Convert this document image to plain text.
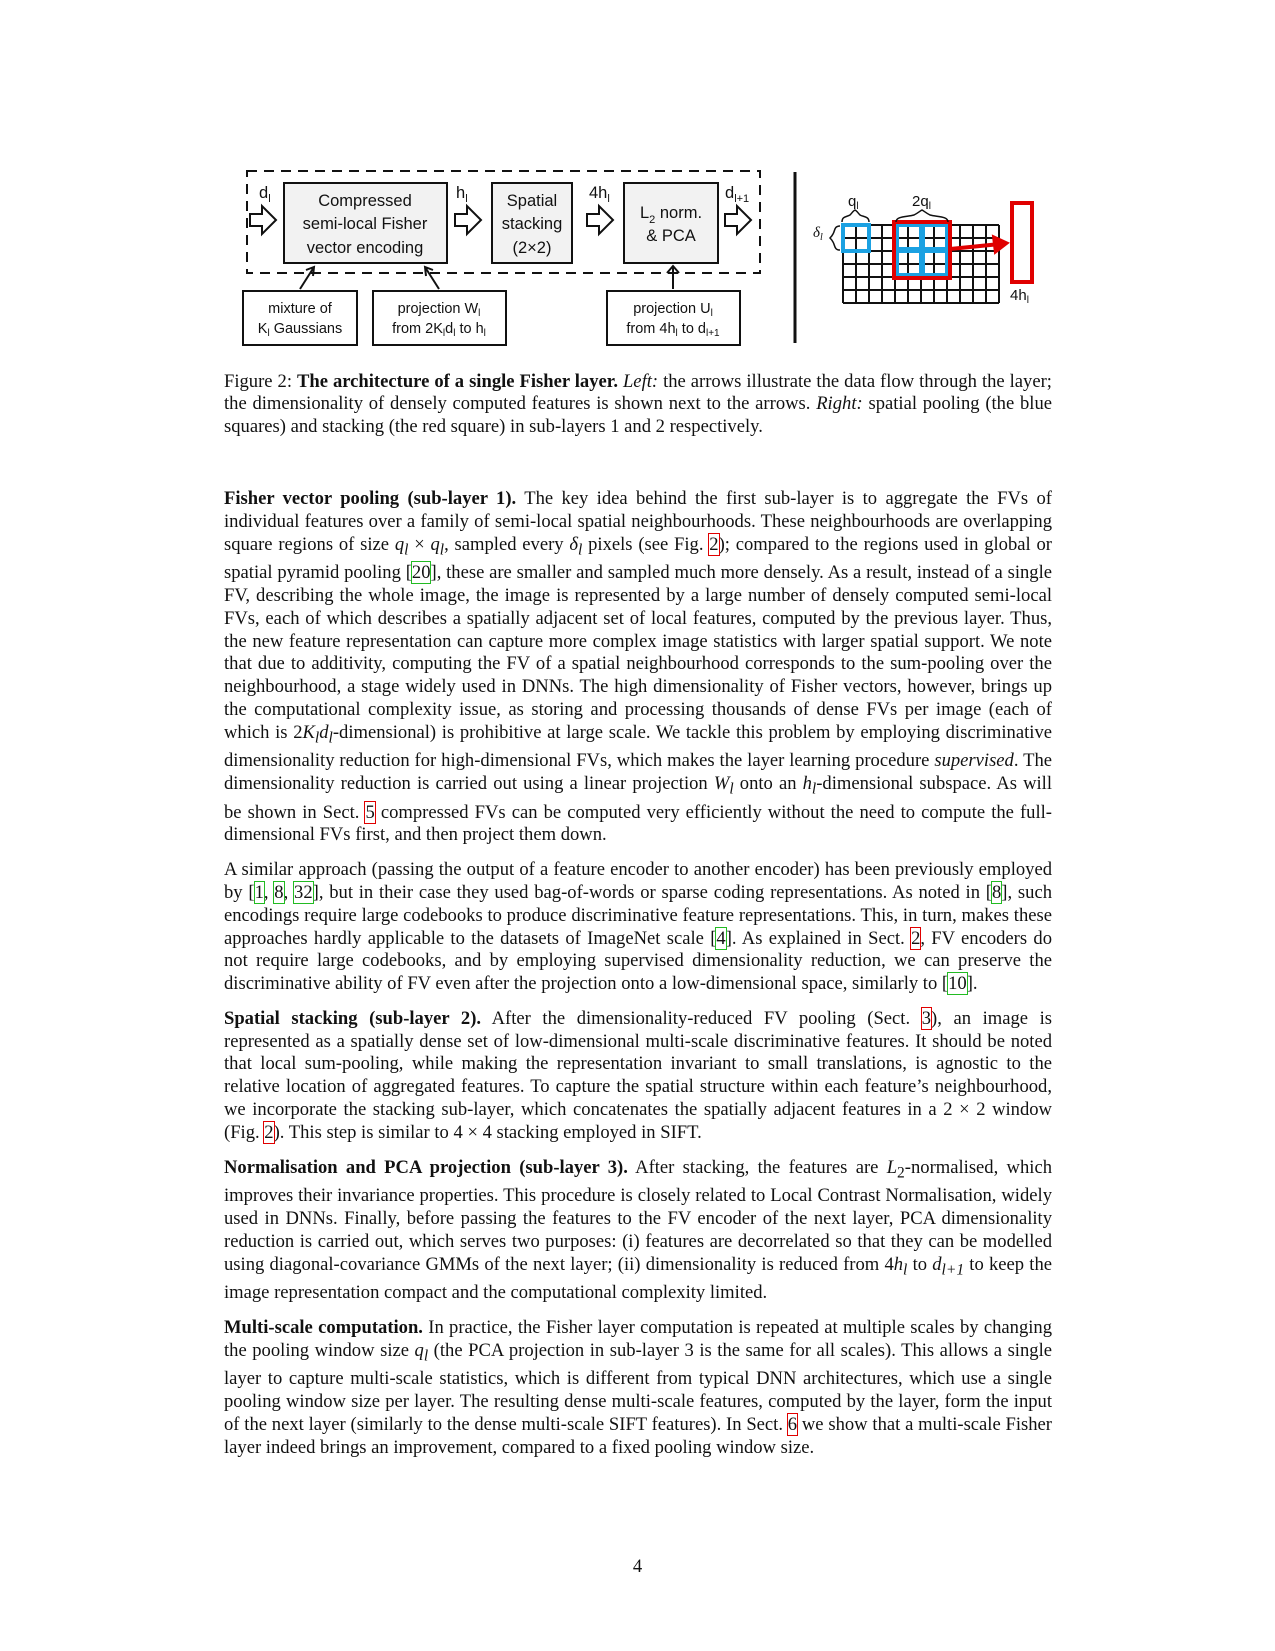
Compressed
semi-local Fisher
vector encoding
Spatial
stacking
(2×2)
$L_2$ norm.
& PCA
$d_l$	$h_l$	$4h_l$	$d_{l+1}$
mixture of
$K_l$ Gaussians
projection $W_l$
from $2K_ld_l$ to $h_l$
projection $U_l$
from $4h_l$ to $d_{l+1}$
$q_l$	$2q_l$
$\delta_l$
$4h_l$
Figure 2: The architecture of a single Fisher layer. Left: the arrows illustrate the data flow through the layer; the dimensionality of densely computed features is shown next to the arrows. Right: spatial pooling (the blue squares) and stacking (the red square) in sub-layers 1 and 2 respectively.

Fisher vector pooling (sub-layer 1). The key idea behind the first sub-layer is to aggregate the FVs of individual features over a family of semi-local spatial neighbourhoods. These neighbourhoods are overlapping square regions of size $q_l \times q_l$, sampled every $\delta_l$ pixels (see Fig. 2); compared to the regions used in global or spatial pyramid pooling [20], these are smaller and sampled much more densely. As a result, instead of a single FV, describing the whole image, the image is represented by a large number of densely computed semi-local FVs, each of which describes a spatially adjacent set of local features, computed by the previous layer. Thus, the new feature representation can capture more complex image statistics with larger spatial support. We note that due to additivity, computing the FV of a spatial neighbourhood corresponds to the sum-pooling over the neighbourhood, a stage widely used in DNNs. The high dimensionality of Fisher vectors, however, brings up the computational complexity issue, as storing and processing thousands of dense FVs per image (each of which is $2K_ld_l-dimensional$) is prohibitive at large scale. We tackle this problem by employing discriminative dimensionality reduction for high-dimensional FVs, which makes the layer learning procedure supervised. The dimensionality reduction is carried out using a linear projection $W_l$ onto an $h_l$-dimensional subspace. As will be shown in Sect. 5 compressed FVs can be computed very efficiently without the need to compute the full-dimensional FVs first, and then project them down.

A similar approach (passing the output of a feature encoder to another encoder) has been previously employed by [1, 8, 32], but in their case they used bag-of-words or sparse coding representations. As noted in [8], such encodings require large codebooks to produce discriminative feature representations. This, in turn, makes these approaches hardly applicable to the datasets of ImageNet scale [4]. As explained in Sect. 2, FV encoders do not require large codebooks, and by employing supervised dimensionality reduction, we can preserve the discriminative ability of FV even after the projection onto a low-dimensional space, similarly to [10].

Spatial stacking (sub-layer 2). After the dimensionality-reduced FV pooling (Sect. 3), an image is represented as a spatially dense set of low-dimensional multi-scale discriminative features. It should be noted that local sum-pooling, while making the representation invariant to small translations, is agnostic to the relative location of aggregated features. To capture the spatial structure within each feature’s neighbourhood, we incorporate the stacking sub-layer, which concatenates the spatially adjacent features in a 2 × 2 window (Fig. 2). This step is similar to 4 × 4 stacking employed in SIFT.

Normalisation and PCA projection (sub-layer 3). After stacking, the features are $L_2$-normalised, which improves their invariance properties. This procedure is closely related to Local Contrast Normalisation, widely used in DNNs. Finally, before passing the features to the FV encoder of the next layer, PCA dimensionality reduction is carried out, which serves two purposes: (i) features are decorrelated so that they can be modelled using diagonal-covariance GMMs of the next layer; (ii) dimensionality is reduced from $4h_l$ to $d_{l+1}$ to keep the image representation compact and the computational complexity limited.

Multi-scale computation. In practice, the Fisher layer computation is repeated at multiple scales by changing the pooling window size $q_l$ (the PCA projection in sub-layer 3 is the same for all scales). This allows a single layer to capture multi-scale statistics, which is different from typical DNN architectures, which use a single pooling window size per layer. The resulting dense multi-scale features, computed by the layer, form the input of the next layer (similarly to the dense multi-scale SIFT features). In Sect. 6 we show that a multi-scale Fisher layer indeed brings an improvement, compared to a fixed pooling window size.

4
